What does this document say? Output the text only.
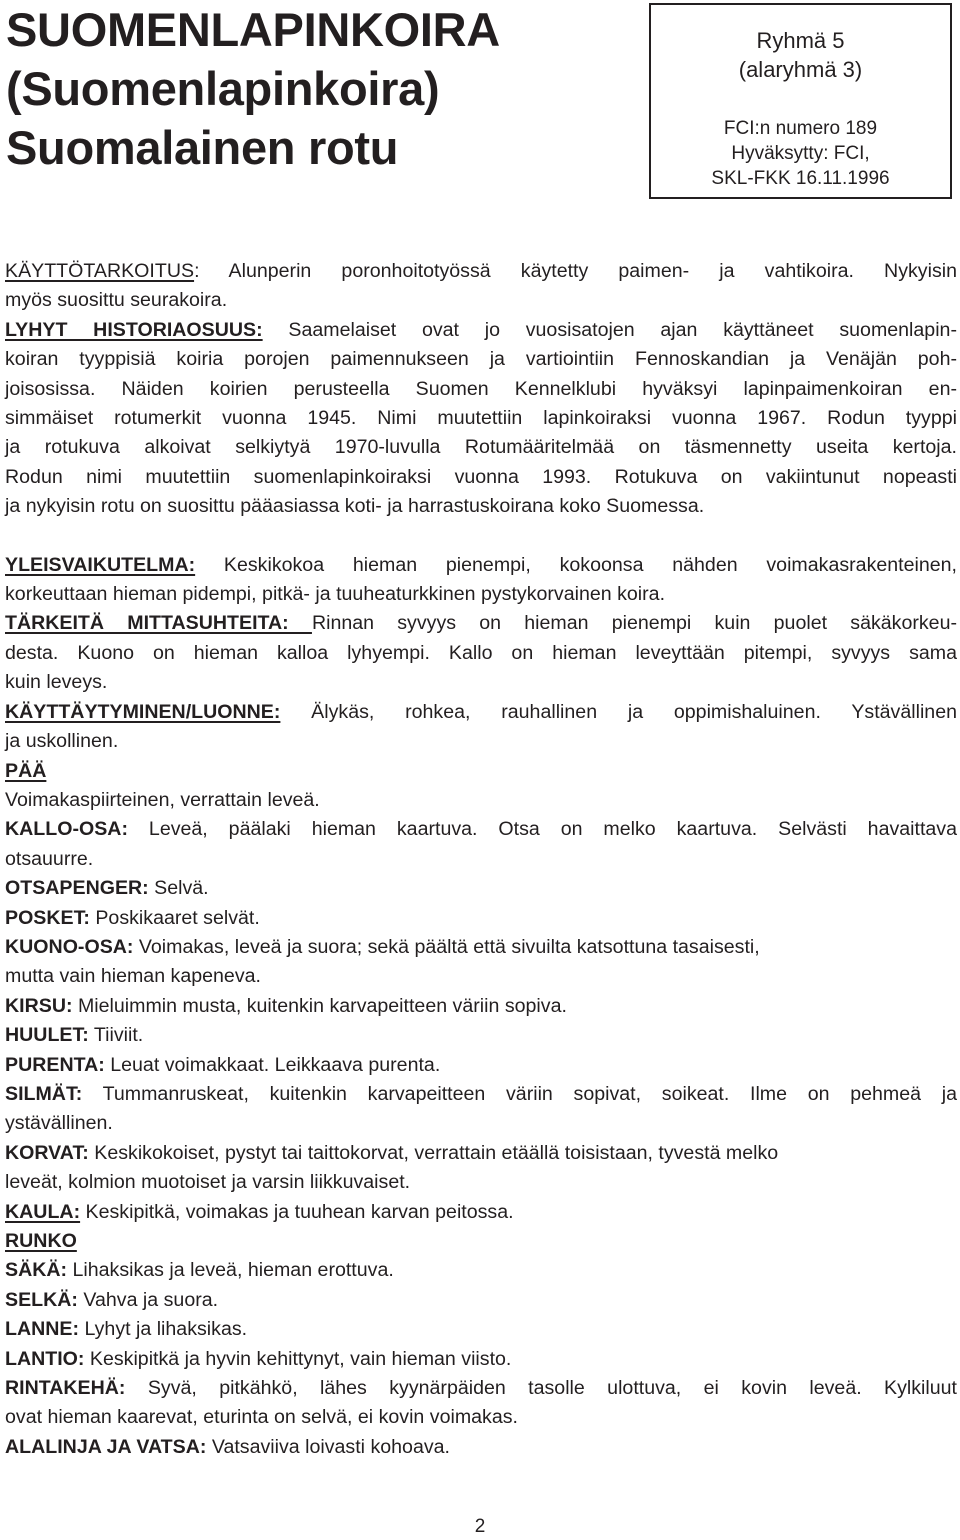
SUOMENLAPINKOIRA
(Suomenlapinkoira)
Suomalainen rotu
Ryhmä 5
(alaryhmä 3)
FCI:n numero 189
Hyväksytty: FCI,
SKL-FKK 16.11.1996
KÄYTTÖTARKOITUS: Alunperin poronhoitotyössä käytetty paimen- ja vahtikoira. Nykyisin
myös suosittu seurakoira.
LYHYT HISTORIAOSUUS: Saamelaiset ovat jo vuosisatojen ajan käyttäneet suomenlapin-
koiran tyyppisiä koiria porojen paimennukseen ja vartiointiin Fennoskandian ja Venäjän poh-
joisosissa. Näiden koirien perusteella Suomen Kennelklubi hyväksyi lapinpaimenkoiran en-
simmäiset rotumerkit vuonna 1945. Nimi muutettiin lapinkoiraksi vuonna 1967. Rodun tyyppi
ja rotukuva alkoivat selkiytyä 1970-luvulla Rotumääritelmää on täsmennetty useita kertoja.
Rodun nimi muutettiin suomenlapinkoiraksi vuonna 1993. Rotukuva on vakiintunut nopeasti
ja nykyisin rotu on suosittu pääasiassa koti- ja harrastuskoirana koko Suomessa.
YLEISVAIKUTELMA: Keskikokoa hieman pienempi, kokoonsa nähden voimakasrakenteinen,
korkeuttaan hieman pidempi, pitkä- ja tuuheaturkkinen pystykorvainen koira.
TÄRKEITÄ MITTASUHTEITA: Rinnan syvyys on hieman pienempi kuin puolet säkäkorkeu-
desta. Kuono on hieman kalloa lyhyempi. Kallo on hieman leveyttään pitempi, syvyys sama
kuin leveys.
KÄYTTÄYTYMINEN/LUONNE: Älykäs, rohkea, rauhallinen ja oppimishaluinen. Ystävällinen
ja uskollinen.
PÄÄ
Voimakaspiirteinen, verrattain leveä.
KALLO-OSA: Leveä, päälaki hieman kaartuva. Otsa on melko kaartuva. Selvästi havaittava
otsauurre.
OTSAPENGER: Selvä.
POSKET: Poskikaaret selvät.
KUONO-OSA: Voimakas, leveä ja suora; sekä päältä että sivuilta katsottuna tasaisesti,
mutta vain hieman kapeneva.
KIRSU: Mieluimmin musta, kuitenkin karvapeitteen väriin sopiva.
HUULET: Tiiviit.
PURENTA: Leuat voimakkaat. Leikkaava purenta.
SILMÄT: Tummanruskeat, kuitenkin karvapeitteen väriin sopivat, soikeat. Ilme on pehmeä ja
ystävällinen.
KORVAT: Keskikokoiset, pystyt tai taittokorvat, verrattain etäällä toisistaan, tyvestä melko
leveät, kolmion muotoiset ja varsin liikkuvaiset.
KAULA: Keskipitkä, voimakas ja tuuhean karvan peitossa.
RUNKO
SÄKÄ: Lihaksikas ja leveä, hieman erottuva.
SELKÄ: Vahva ja suora.
LANNE: Lyhyt ja lihaksikas.
LANTIO: Keskipitkä ja hyvin kehittynyt, vain hieman viisto.
RINTAKEHÄ: Syvä, pitkähkö, lähes kyynärpäiden tasolle ulottuva, ei kovin leveä. Kylkiluut
ovat hieman kaarevat, eturinta on selvä, ei kovin voimakas.
ALALINJA JA VATSA: Vatsaviiva loivasti kohoava.
2
